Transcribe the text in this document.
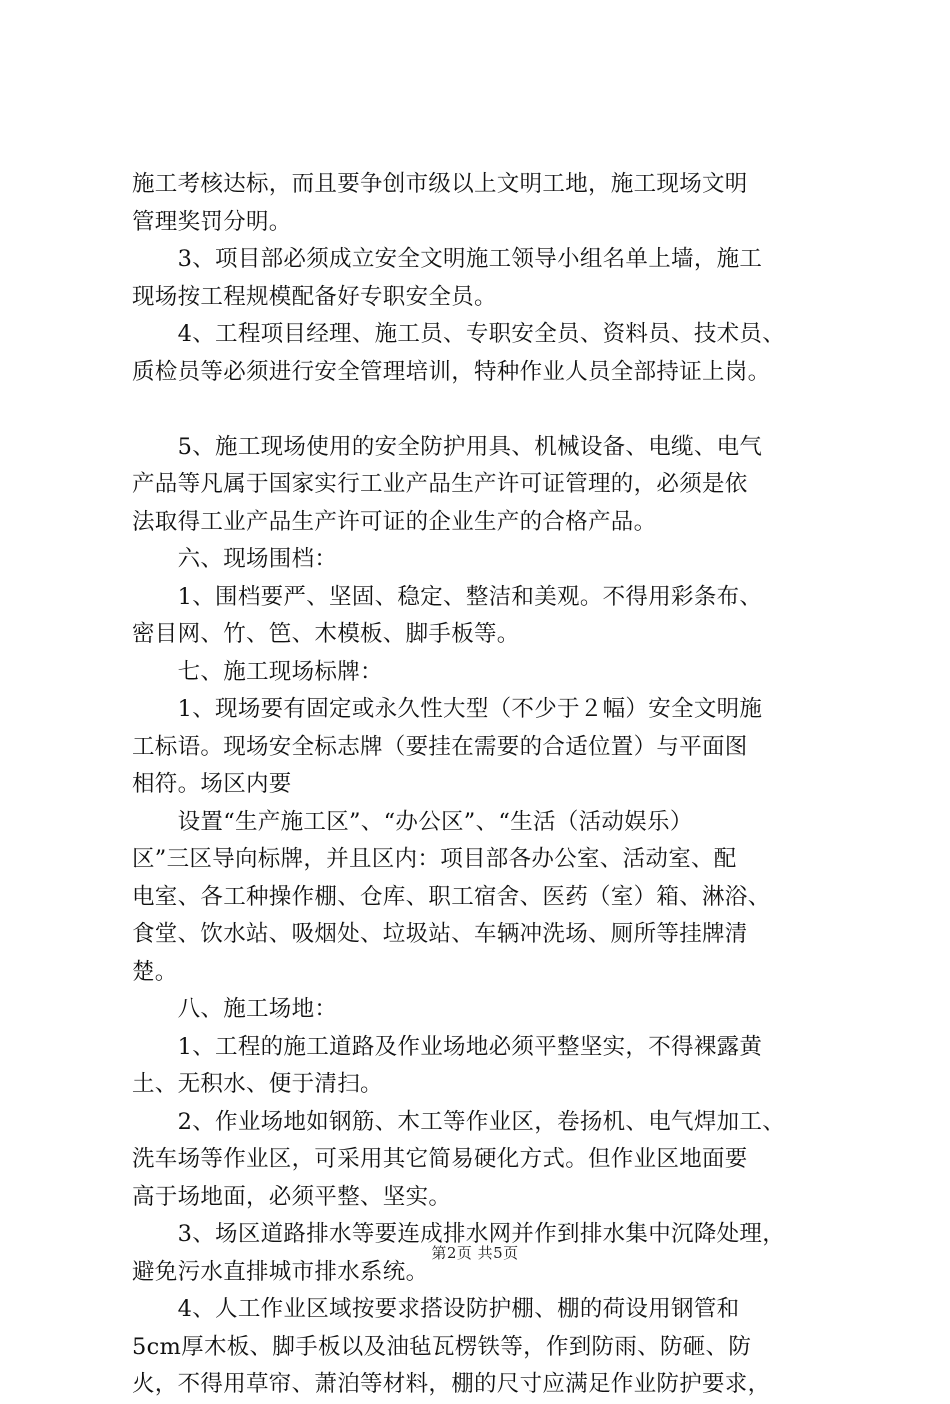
施工考核达标，而且要争创市级以上文明工地，施工现场文明
管理奖罚分明。
　　3、项目部必须成立安全文明施工领导小组名单上墙，施工
现场按工程规模配备好专职安全员。
　　4、工程项目经理、施工员、专职安全员、资料员、技术员、
质检员等必须进行安全管理培训，特种作业人员全部持证上岗。
　　5、施工现场使用的安全防护用具、机械设备、电缆、电气
产品等凡属于国家实行工业产品生产许可证管理的，必须是依
法取得工业产品生产许可证的企业生产的合格产品。
　　六、现场围档：
　　1、围档要严、坚固、稳定、整洁和美观。不得用彩条布、
密目网、竹、笆、木模板、脚手板等。
　　七、施工现场标牌：
　　1、现场要有固定或永久性大型（不少于２幅）安全文明施
工标语。现场安全标志牌（要挂在需要的合适位置）与平面图
相符。场区内要
　　设置“生产施工区”、“办公区”、“生活（活动娱乐）
区”三区导向标牌，并且区内：项目部各办公室、活动室、配
电室、各工种操作棚、仓库、职工宿舍、医药（室）箱、淋浴、
食堂、饮水站、吸烟处、垃圾站、车辆冲洗场、厕所等挂牌清
楚。
　　八、施工场地：
　　1、工程的施工道路及作业场地必须平整坚实，不得裸露黄
土、无积水、便于清扫。
　　2、作业场地如钢筋、木工等作业区，卷扬机、电气焊加工、
洗车场等作业区，可采用其它简易硬化方式。但作业区地面要
高于场地面，必须平整、坚实。
　　3、场区道路排水等要连成排水网并作到排水集中沉降处理，
避免污水直排城市排水系统。
　　4、人工作业区域按要求搭设防护棚、棚的荷设用钢管和
5cm厚木板、脚手板以及油毡瓦楞铁等，作到防雨、防砸、防
火，不得用草帘、萧泊等材料，棚的尺寸应满足作业防护要求，
第2页 共5页
